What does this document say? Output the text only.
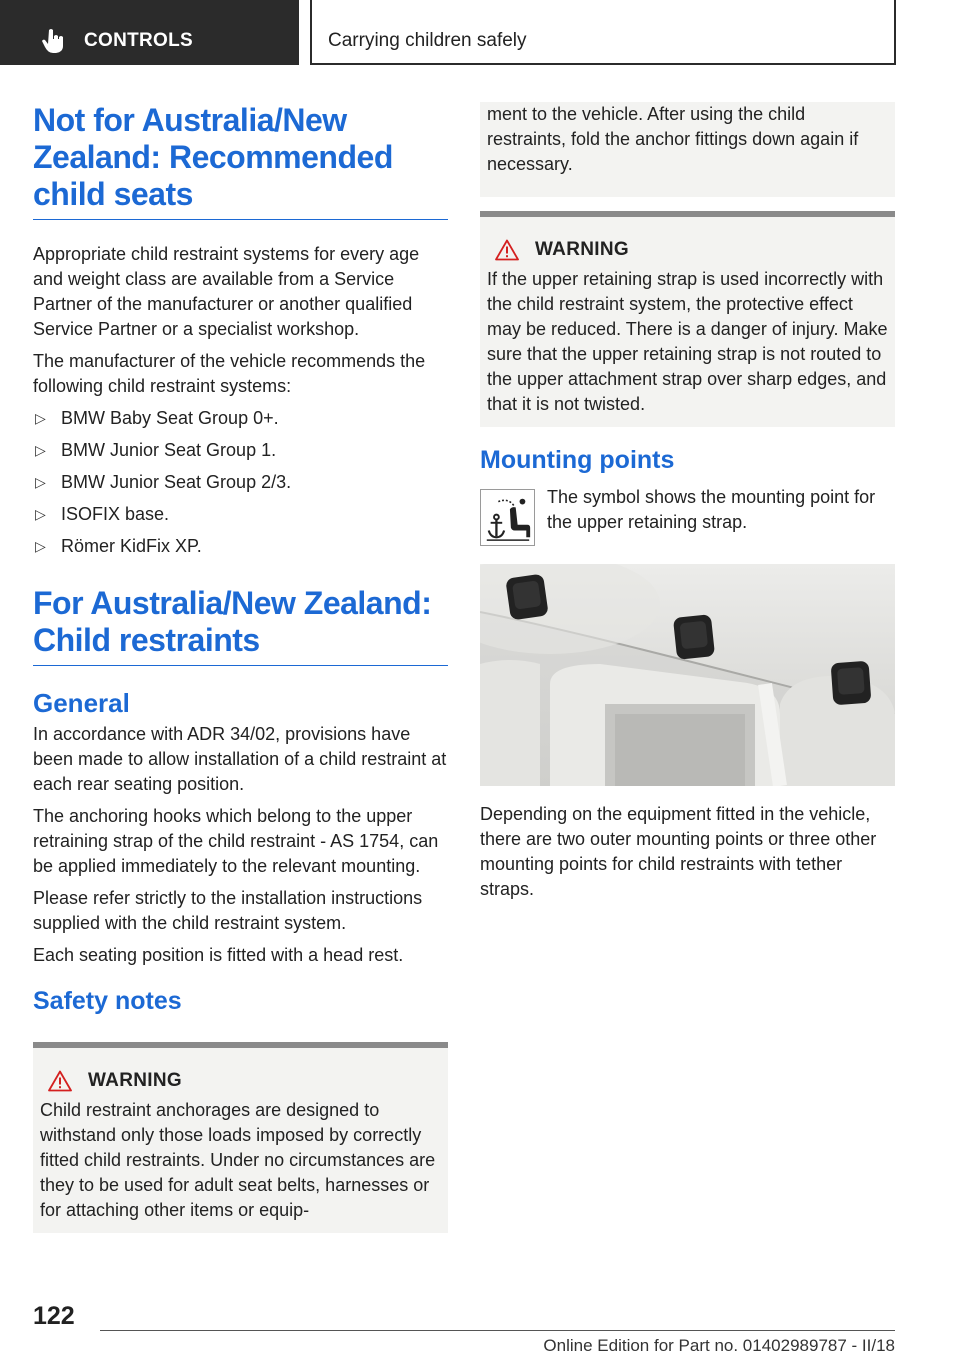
CONTROLS	Carrying children safely
Not for Australia/New Zealand: Recommended child seats

Appropriate child restraint systems for every age and weight class are available from a Service Partner of the manufacturer or another qualified Service Partner or a specialist workshop.

The manufacturer of the vehicle recommends the following child restraint systems:

▷ BMW Baby Seat Group 0+.
▷ BMW Junior Seat Group 1.
▷ BMW Junior Seat Group 2/3.
▷ ISOFIX base.
▷ Römer KidFix XP.
For Australia/New Zealand: Child restraints
General

In accordance with ADR 34/02, provisions have been made to allow installation of a child restraint at each rear seating position.

The anchoring hooks which belong to the upper retraining strap of the child restraint - AS 1754, can be applied immediately to the relevant mounting.

Please refer strictly to the installation instructions supplied with the child restraint system.

Each seating position is fitted with a head rest.

Safety notes
WARNING

Child restraint anchorages are designed to withstand only those loads imposed by correctly fitted child restraints. Under no circumstances are they to be used for adult seat belts, harnesses or for attaching other items or equip-

ment to the vehicle. After using the child restraints, fold the anchor fittings down again if necessary.

WARNING

If the upper retaining strap is used incorrectly with the child restraint system, the protective effect may be reduced. There is a danger of injury. Make sure that the upper retaining strap is not routed to the upper attachment strap over sharp edges, and that it is not twisted.

Mounting points

The symbol shows the mounting point for the upper retaining strap.

Depending on the equipment fitted in the vehicle, there are two outer mounting points or three other mounting points for child restraints with tether straps.

122
Online Edition for Part no. 01402989787 - II/18
